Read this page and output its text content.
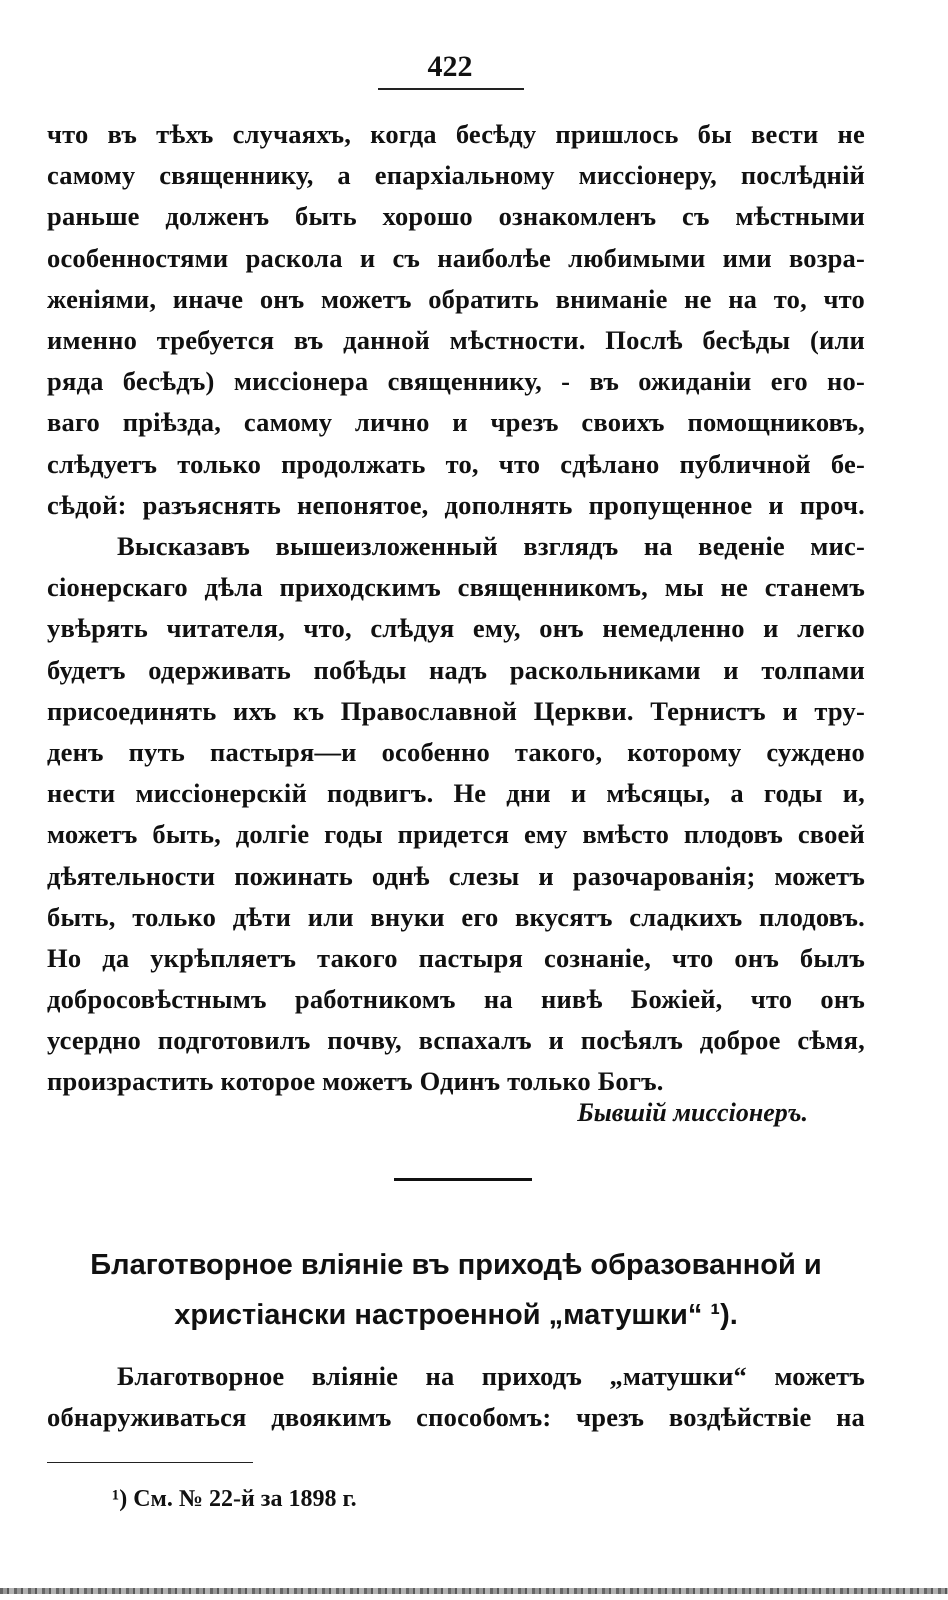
422
что въ тѣхъ случаяхъ, когда бесѣду пришлось бы вести не
самому священнику, а епархіальному миссіонеру, послѣдній
раньше долженъ быть хорошо ознакомленъ съ мѣстными
особенностями раскола и съ наиболѣе любимыми ими возра-
женіями, иначе онъ можетъ обратить вниманіе не на то, что
именно требуется въ данной мѣстности. Послѣ бесѣды (или
ряда бесѣдъ) миссіонера священнику, - въ ожиданіи его но-
ваго пріѣзда, самому лично и чрезъ своихъ помощниковъ,
слѣдуетъ только продолжать то, что сдѣлано публичной бе-
сѣдой: разъяснять непонятое, дополнять пропущенное и проч.
Высказавъ вышеизложенный взглядъ на веденіе мис-
сіонерскаго дѣла приходскимъ священникомъ, мы не станемъ
увѣрять читателя, что, слѣдуя ему, онъ немедленно и легко
будетъ одерживать побѣды надъ раскольниками и толпами
присоединять ихъ къ Православной Церкви. Тернистъ и тру-
денъ путь пастыря—и особенно такого, которому суждено
нести миссіонерскій подвигъ. Не дни и мѣсяцы, а годы и,
можетъ быть, долгіе годы придется ему вмѣсто плодовъ своей
дѣятельности пожинать однѣ слезы и разочарованія; можетъ
быть, только дѣти или внуки его вкусятъ сладкихъ плодовъ.
Но да укрѣпляетъ такого пастыря сознаніе, что онъ былъ
добросовѣстнымъ работникомъ на нивѣ Божіей, что онъ
усердно подготовилъ почву, вспахалъ и посѣялъ доброе сѣмя,
произрастить которое можетъ Одинъ только Богъ.
Бывшій миссіонеръ.
Благотворное вліяніе въ приходѣ образованной и
христіански настроенной „матушки“ ¹).
Благотворное вліяніе на приходъ „матушки“ можетъ
обнаруживаться двоякимъ способомъ: чрезъ воздѣйствіе на
¹) См. № 22-й за 1898 г.
